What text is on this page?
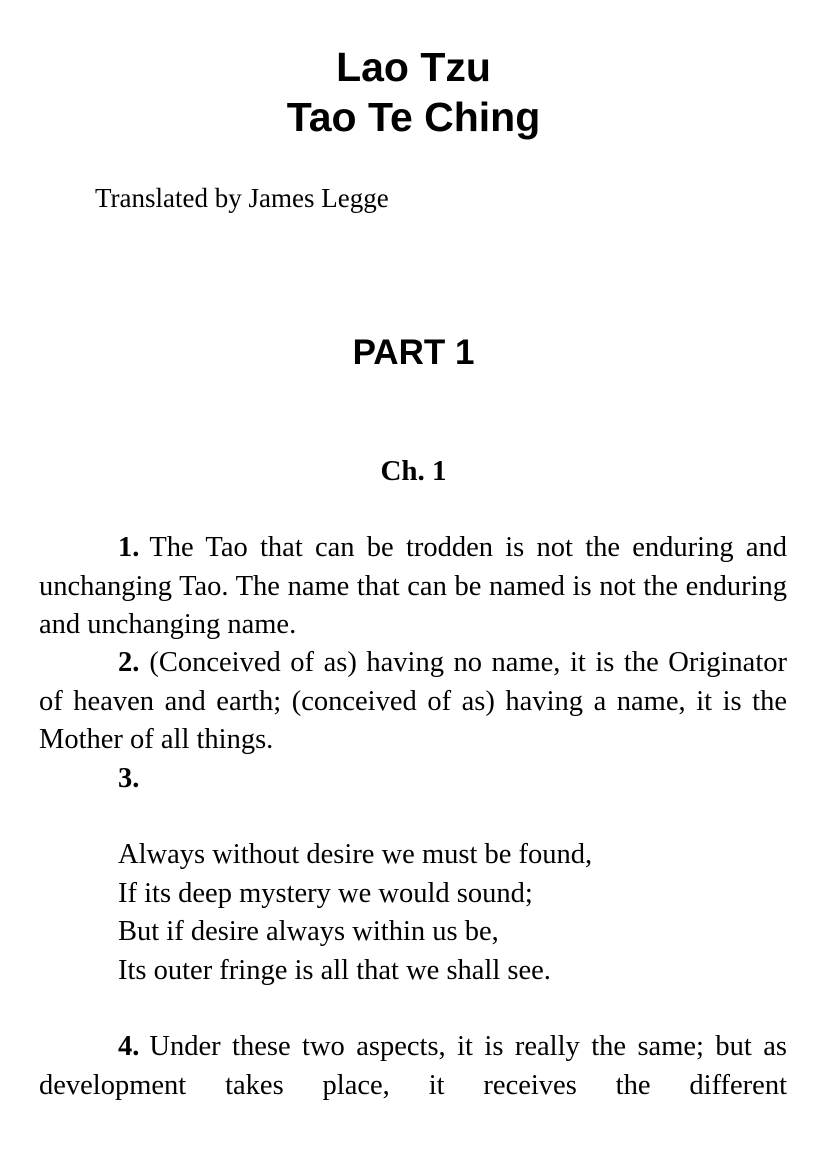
Lao Tzu
Tao Te Ching

Translated by James Legge

PART 1
Ch. 1

1. The Tao that can be trodden is not the enduring and unchanging Tao. The name that can be named is not the enduring and unchanging name.

2. (Conceived of as) having no name, it is the Originator of heaven and earth; (conceived of as) having a name, it is the Mother of all things.

3.

Always without desire we must be found,
If its deep mystery we would sound;
But if desire always within us be,
Its outer fringe is all that we shall see.

4. Under these two aspects, it is really the same; but as development takes place, it receives the different
